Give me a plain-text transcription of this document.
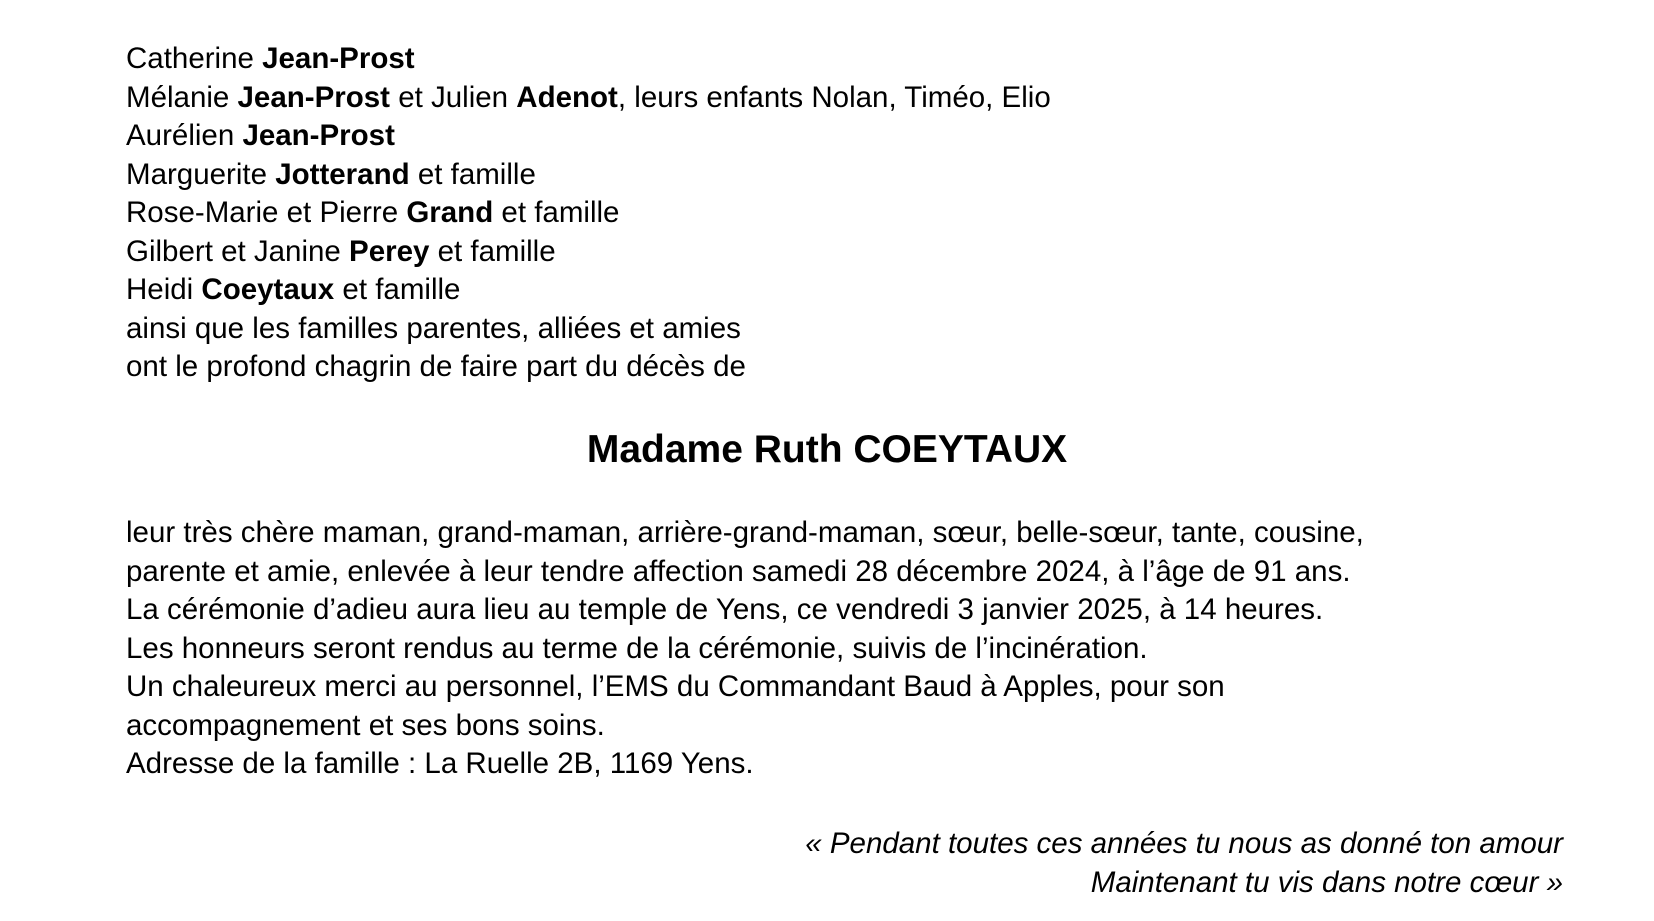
Catherine Jean-Prost
Mélanie Jean-Prost et Julien Adenot, leurs enfants Nolan, Timéo, Elio
Aurélien Jean-Prost
Marguerite Jotterand et famille
Rose-Marie et Pierre Grand et famille
Gilbert et Janine Perey et famille
Heidi Coeytaux et famille
ainsi que les familles parentes, alliées et amies
ont le profond chagrin de faire part du décès de
Madame Ruth COEYTAUX
leur très chère maman, grand-maman, arrière-grand-maman, sœur, belle-sœur, tante, cousine,
parente et amie, enlevée à leur tendre affection samedi 28 décembre 2024, à l’âge de 91 ans.
La cérémonie d’adieu aura lieu au temple de Yens, ce vendredi 3 janvier 2025, à 14 heures.
Les honneurs seront rendus au terme de la cérémonie, suivis de l’incinération.
Un chaleureux merci au personnel, l’EMS du Commandant Baud à Apples, pour son
accompagnement et ses bons soins.
Adresse de la famille : La Ruelle 2B, 1169 Yens.
« Pendant toutes ces années tu nous as donné ton amour
Maintenant tu vis dans notre cœur »
